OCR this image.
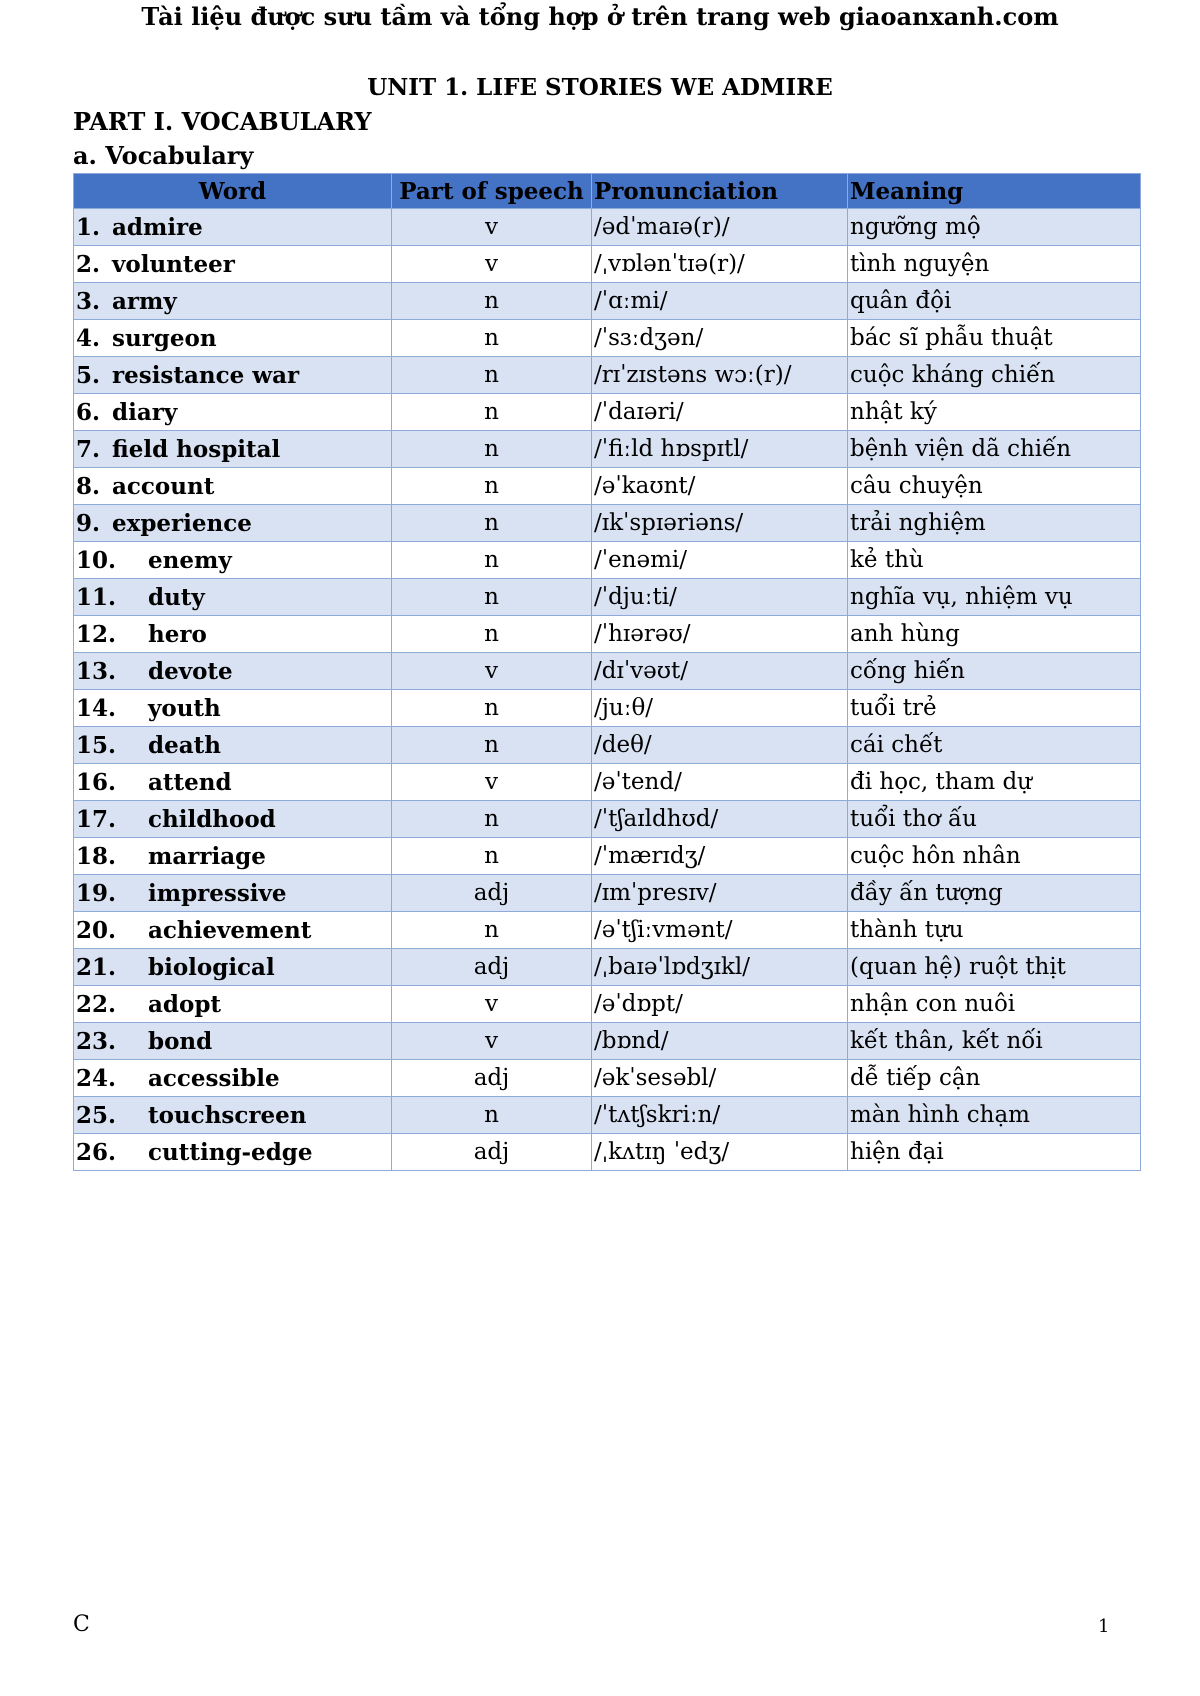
Tài liệu được sưu tầm và tổng hợp ở trên trang web giaoanxanh.com
UNIT 1. LIFE STORIES WE ADMIRE
PART I. VOCABULARY
a. Vocabulary
Word	Part of speech	Pronunciation	Meaning
1. admire	v	/ədˈmaɪə(r)/	ngưỡng mộ
2. volunteer	v	/ˌvɒlənˈtɪə(r)/	tình nguyện
3. army	n	/ˈɑːmi/	quân đội
4. surgeon	n	/ˈsɜːdʒən/	bác sĩ phẫu thuật
5. resistance war	n	/rɪˈzɪstəns wɔː(r)/	cuộc kháng chiến
6. diary	n	/ˈdaɪəri/	nhật ký
7. field hospital	n	/ˈfiːld hɒspɪtl/	bệnh viện dã chiến
8. account	n	/əˈkaʊnt/	câu chuyện
9. experience	n	/ɪkˈspɪəriəns/	trải nghiệm
10. enemy	n	/ˈenəmi/	kẻ thù
11. duty	n	/ˈdjuːti/	nghĩa vụ, nhiệm vụ
12. hero	n	/ˈhɪərəʊ/	anh hùng
13. devote	v	/dɪˈvəʊt/	cống hiến
14. youth	n	/juːθ/	tuổi trẻ
15. death	n	/deθ/	cái chết
16. attend	v	/əˈtend/	đi học, tham dự
17. childhood	n	/ˈtʃaɪldhʊd/	tuổi thơ ấu
18. marriage	n	/ˈmærɪdʒ/	cuộc hôn nhân
19. impressive	adj	/ɪmˈpresɪv/	đầy ấn tượng
20. achievement	n	/əˈtʃiːvmənt/	thành tựu
21. biological	adj	/ˌbaɪəˈlɒdʒɪkl/	(quan hệ) ruột thịt
22. adopt	v	/əˈdɒpt/	nhận con nuôi
23. bond	v	/bɒnd/	kết thân, kết nối
24. accessible	adj	/əkˈsesəbl/	dễ tiếp cận
25. touchscreen	n	/ˈtʌtʃskriːn/	màn hình chạm
26. cutting-edge	adj	/ˌkʌtɪŋ ˈedʒ/	hiện đại
C	1
